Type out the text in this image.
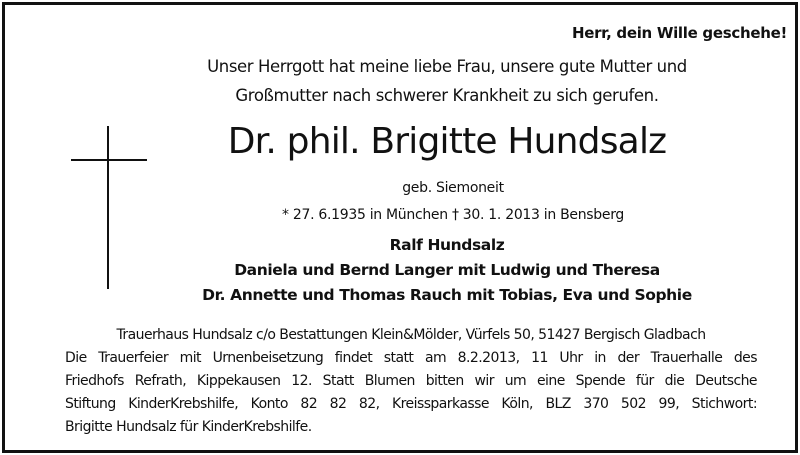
Herr, dein Wille geschehe!
Unser Herrgott hat meine liebe Frau, unsere gute Mutter und
Großmutter nach schwerer Krankheit zu sich gerufen.
Dr. phil. Brigitte Hundsalz
geb. Siemoneit
* 27. 6.1935 in München † 30. 1. 2013 in Bensberg
Ralf Hundsalz
Daniela und Bernd Langer mit Ludwig und Theresa
Dr. Annette und Thomas Rauch mit Tobias, Eva und Sophie
Trauerhaus Hundsalz c/o Bestattungen Klein&Mölder, Vürfels 50, 51427 Bergisch Gladbach
Die Trauerfeier mit Urnenbeisetzung findet statt am 8.2.2013, 11 Uhr in der Trauerhalle des
Friedhofs Refrath, Kippekausen 12. Statt Blumen bitten wir um eine Spende für die Deutsche
Stiftung KinderKrebshilfe, Konto 82 82 82, Kreissparkasse Köln, BLZ 370 502 99, Stichwort:
Brigitte Hundsalz für KinderKrebshilfe.
